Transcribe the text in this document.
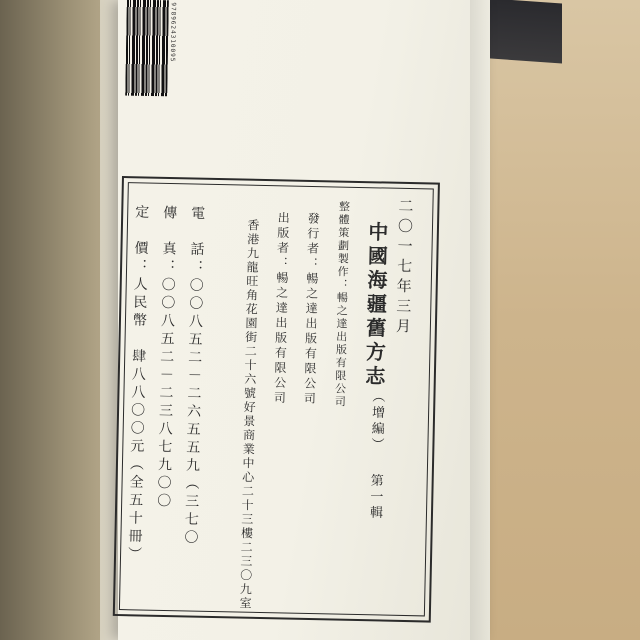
9789624310095
二〇一七年三月
中國海疆舊方志
（增編）
第一輯
整體策劃製作：暢之達出版有限公司
發行者：暢之達出版有限公司
出版者：暢之達出版有限公司
香港九龍旺角花園街二十六號好景商業中心二十三樓二三〇九室
電　話：〇〇八五二－二六五五九（三七〇
傳　真：〇〇八五二－二三八七九〇〇
定　價：人民幣　肆八八〇〇元（全五十冊）
